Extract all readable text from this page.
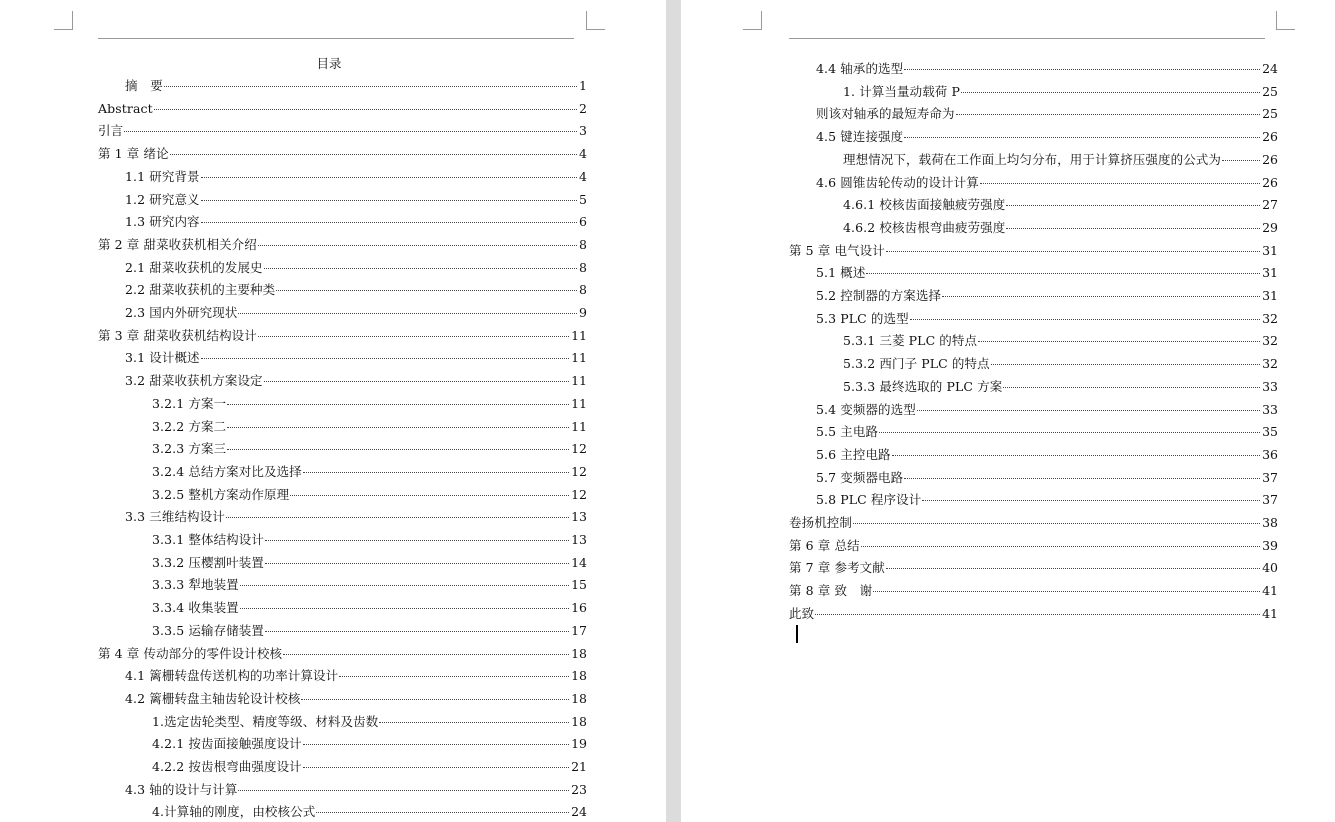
目录
摘　要	1
Abstract	2
引言	3
第 1 章 绪论	4
1.1 研究背景	4
1.2 研究意义	5
1.3 研究内容	6
第 2 章 甜菜收获机相关介绍	8
2.1 甜菜收获机的发展史	8
2.2 甜菜收获机的主要种类	8
2.3 国内外研究现状	9
第 3 章 甜菜收获机结构设计	11
3.1 设计概述	11
3.2 甜菜收获机方案设定	11
3.2.1 方案一	11
3.2.2 方案二	11
3.2.3 方案三	12
3.2.4 总结方案对比及选择	12
3.2.5 整机方案动作原理	12
3.3 三维结构设计	13
3.3.1 整体结构设计	13
3.3.2 压樱割叶装置	14
3.3.3 犁地装置	15
3.3.4 收集装置	16
3.3.5 运输存储装置	17
第 4 章 传动部分的零件设计校核	18
4.1 篱栅转盘传送机构的功率计算设计	18
4.2 篱栅转盘主轴齿轮设计校核	18
1.选定齿轮类型、精度等级、材料及齿数	18
4.2.1 按齿面接触强度设计	19
4.2.2 按齿根弯曲强度设计	21
4.3 轴的设计与计算	23
4.计算轴的刚度，由校核公式	24
4.4 轴承的选型	24
1. 计算当量动载荷 P	25
则该对轴承的最短寿命为	25
4.5 键连接强度	26
理想情况下，载荷在工作面上均匀分布，用于计算挤压强度的公式为	26
4.6 圆锥齿轮传动的设计计算	26
4.6.1 校核齿面接触疲劳强度	27
4.6.2 校核齿根弯曲疲劳强度	29
第 5 章 电气设计	31
5.1 概述	31
5.2 控制器的方案选择	31
5.3 PLC 的选型	32
5.3.1 三菱 PLC 的特点	32
5.3.2 西门子 PLC 的特点	32
5.3.3 最终选取的 PLC 方案	33
5.4 变频器的选型	33
5.5 主电路	35
5.6 主控电路	36
5.7 变频器电路	37
5.8 PLC 程序设计	37
卷扬机控制	38
第 6 章 总结	39
第 7 章 参考文献	40
第 8 章 致　谢	41
此致	41
